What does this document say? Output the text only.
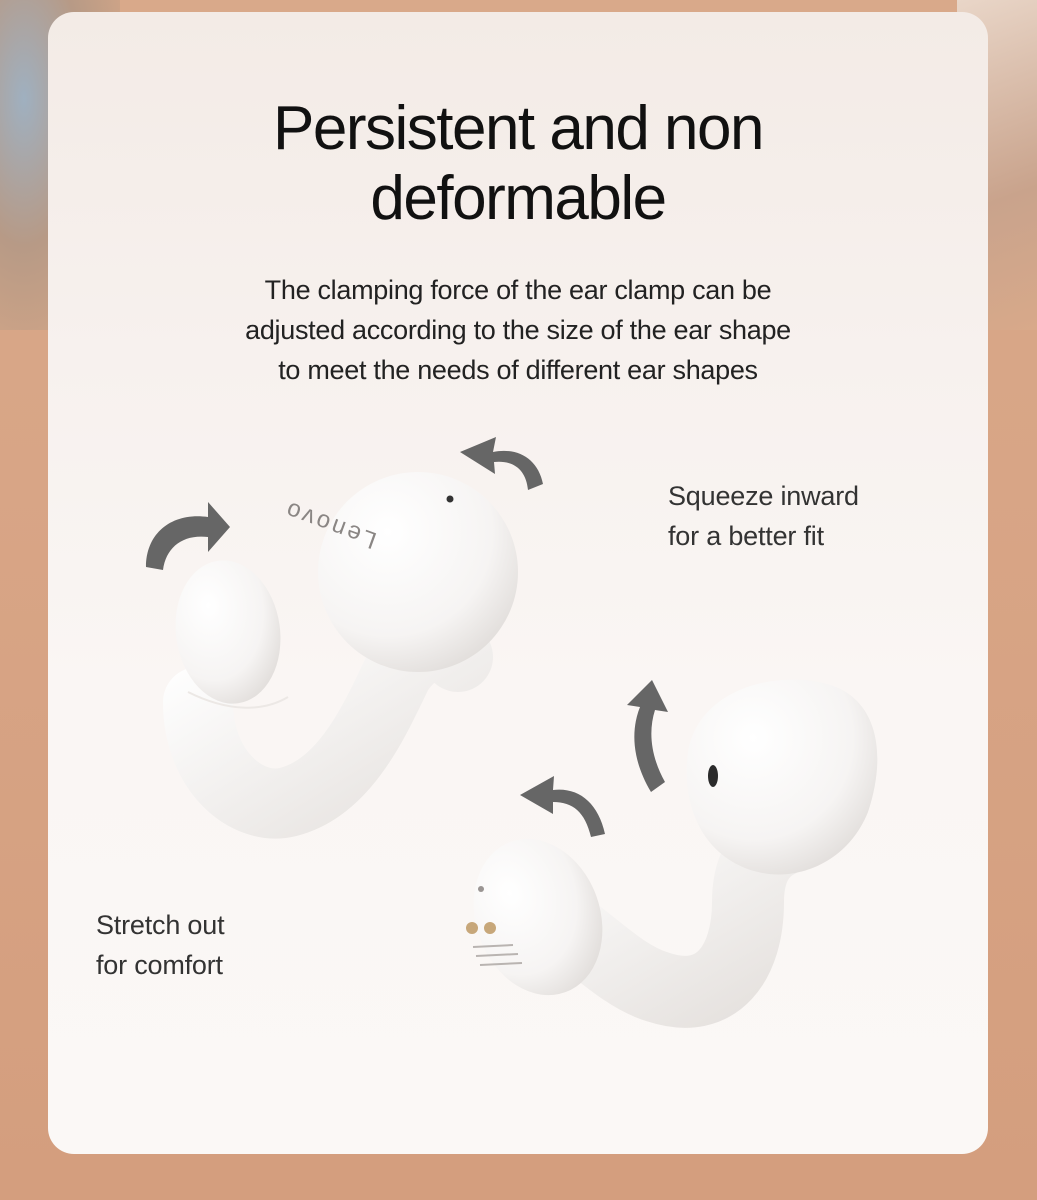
Persistent and non
deformable

The clamping force of the ear clamp can be
adjusted according to the size of the ear shape
to meet the needs of different ear shapes

Lenovo	Squeeze inward
for a better fit

Stretch out
for comfort
